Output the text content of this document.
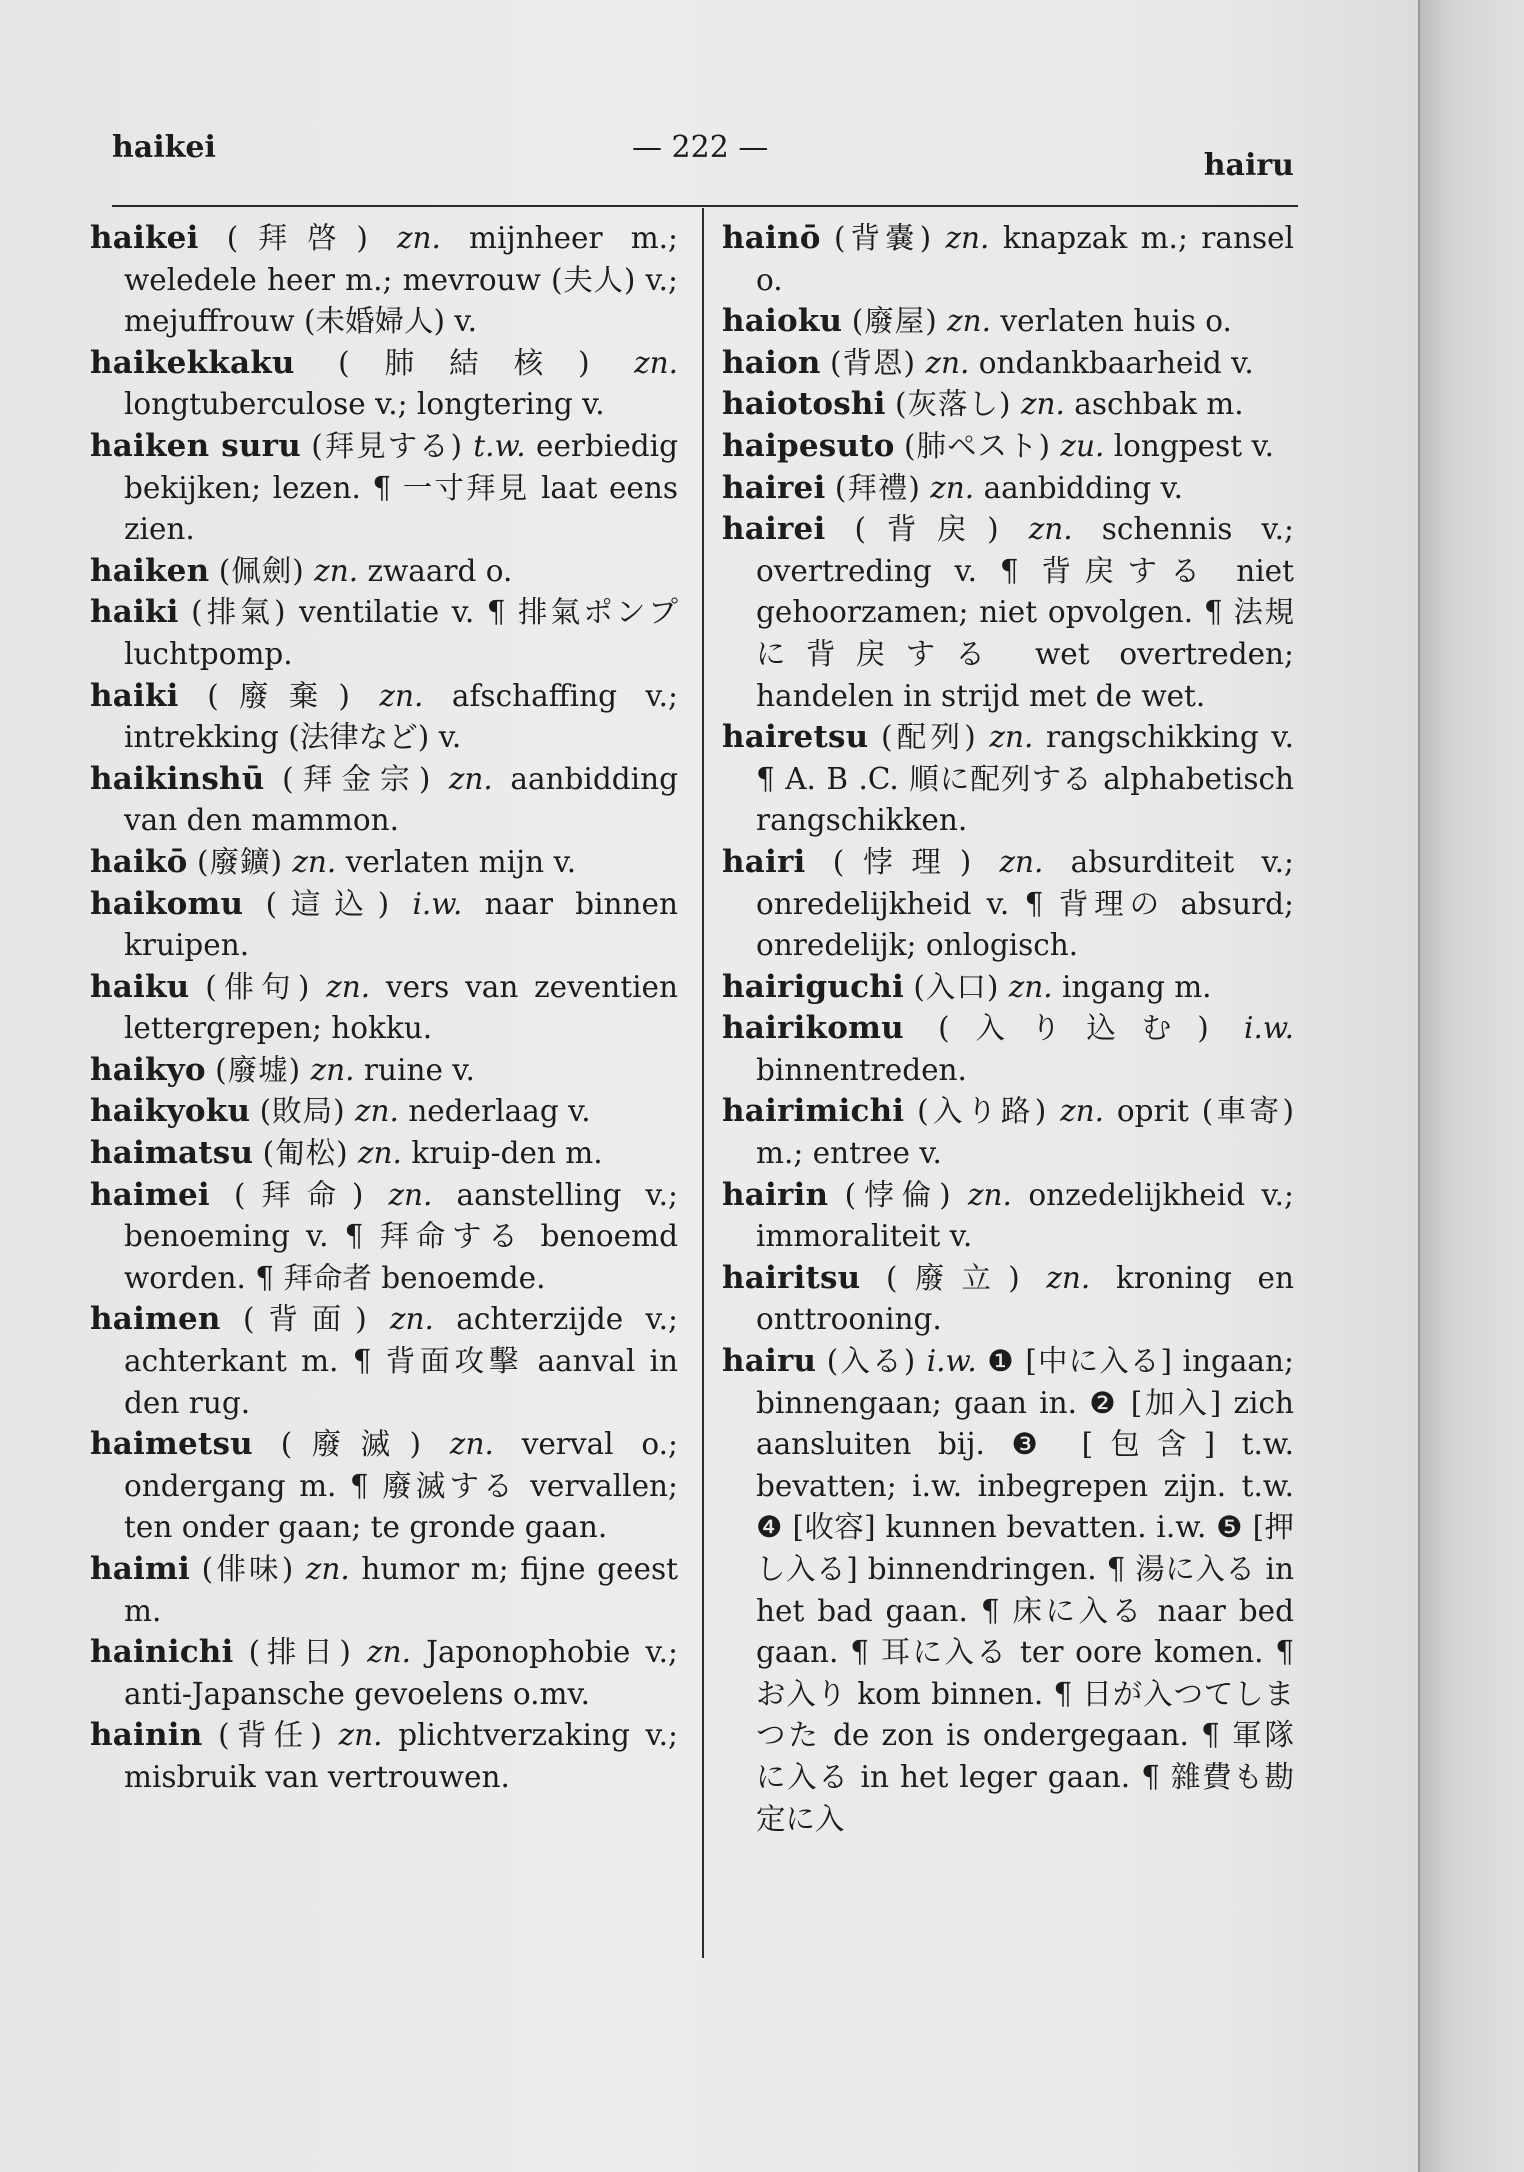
haikei	— 222 —
hairu

haikei (拜啓) zn. mijnheer m.; weledele heer m.; mevrouw (夫人) v.; mejuffrouw (未婚婦人) v.

haikekkaku (肺結核) zn. longtuberculose v.; longtering v.

haiken suru (拜見する) t.w. eerbiedig bekijken; lezen. ¶ 一寸拜見 laat eens zien.

haiken (佩劍) zn. zwaard o.

haiki (排氣) ventilatie v. ¶ 排氣ポンプ luchtpomp.

haiki (廢棄) zn. afschaffing v.; intrekking (法律など) v.

haikinshū (拜金宗) zn. aanbidding van den mammon.

haikō (廢鑛) zn. verlaten mijn v.

haikomu (這込) i.w. naar binnen kruipen.

haiku (俳句) zn. vers van zeventien lettergrepen; hokku.

haikyo (廢墟) zn. ruine v.

haikyoku (敗局) zn. nederlaag v.

haimatsu (匍松) zn. kruip-den m.

haimei (拜命) zn. aanstelling v.; benoeming v. ¶ 拜命する benoemd worden. ¶ 拜命者 benoemde.

haimen (背面) zn. achterzijde v.; achterkant m. ¶ 背面攻擊 aanval in den rug.

haimetsu (廢滅) zn. verval o.; ondergang m. ¶ 廢滅する vervallen; ten onder gaan; te gronde gaan.

haimi (俳味) zn. humor m; fijne geest m.

hainichi (排日) zn. Japonophobie v.; anti-Japansche gevoelens o.mv.

hainin (背任) zn. plichtverzaking v.; misbruik van vertrouwen.

hainō (背嚢) zn. knapzak m.; ransel o.

haioku (廢屋) zn. verlaten huis o.

haion (背恩) zn. ondankbaarheid v.

haiotoshi (灰落し) zn. aschbak m.

haipesuto (肺ペスト) zu. longpest v.

hairei (拜禮) zn. aanbidding v.

hairei (背戻) zn. schennis v.; overtreding v. ¶ 背戻する niet gehoorzamen; niet opvolgen. ¶ 法規に背戻する wet overtreden; handelen in strijd met de wet.

hairetsu (配列) zn. rangschikking v. ¶ A. B .C. 順に配列する alphabetisch rangschikken.

hairi (悖理) zn. absurditeit v.; onredelijkheid v. ¶ 背理の absurd; onredelijk; onlogisch.

hairiguchi (入口) zn. ingang m.

hairikomu (入り込む) i.w. binnentreden.

hairimichi (入り路) zn. oprit (車寄) m.; entree v.

hairin (悖倫) zn. onzedelijkheid v.; immoraliteit v.

hairitsu (廢立) zn. kroning en onttrooning.

hairu (入る) i.w. ❶ [中に入る] ingaan; binnengaan; gaan in. ❷ [加入] zich aansluiten bij. ❸ [包含] t.w. bevatten; i.w. inbegrepen zijn. t.w. ❹ [收容] kunnen bevatten. i.w. ❺ [押し入る] binnendringen. ¶ 湯に入る in het bad gaan. ¶ 床に入る naar bed gaan. ¶ 耳に入る ter oore komen. ¶ お入り kom binnen. ¶ 日が入つてしまつた de zon is ondergegaan. ¶ 軍隊に入る in het leger gaan. ¶ 雜費も勘定に入
